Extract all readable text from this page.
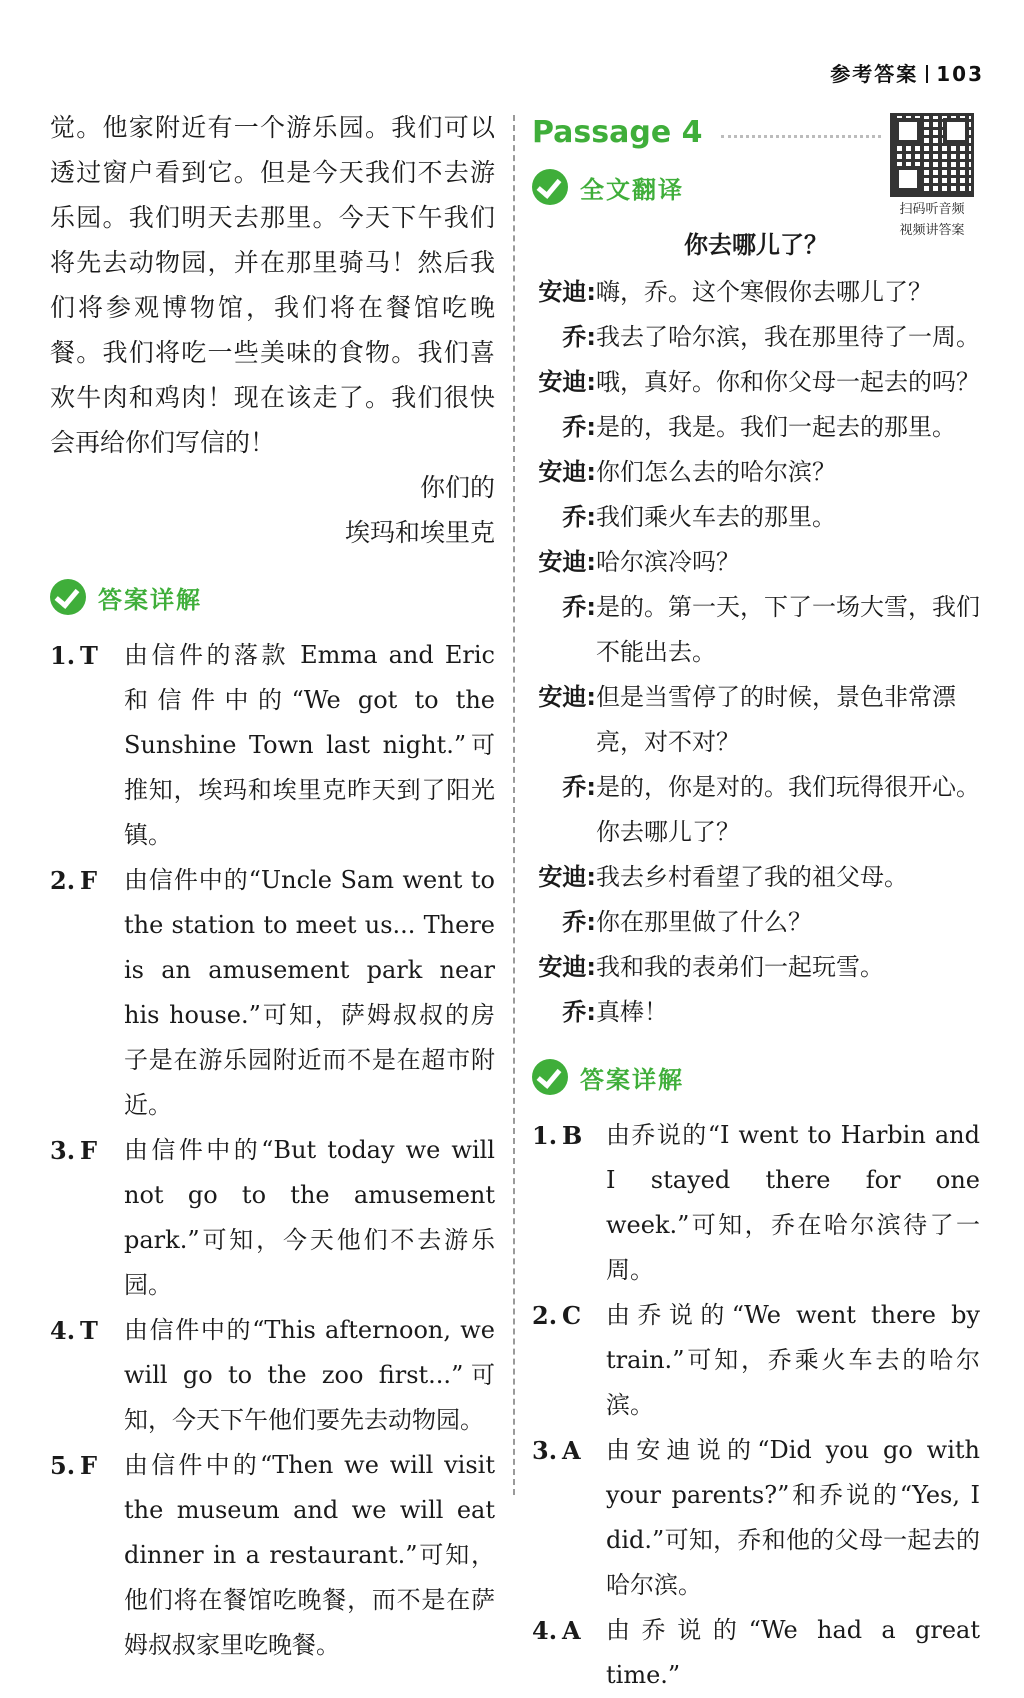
参考答案 103

觉。他家附近有一个游乐园。我们可以透过窗户看到它。但是今天我们不去游乐园。我们明天去那里。今天下午我们将先去动物园，并在那里骑马！然后我们将参观博物馆，我们将在餐馆吃晚餐。我们将吃一些美味的食物。我们喜欢牛肉和鸡肉！现在该走了。我们很快会再给你们写信的！

你们的

埃玛和埃里克

答案详解
1. T	由信件的落款 Emma and Eric 和信件中的“We got to the Sunshine Town last night.”可推知，埃玛和埃里克昨天到了阳光镇。
2. F	由信件中的“Uncle Sam went to the station to meet us... There is an amusement park near his house.”可知，萨姆叔叔的房子是在游乐园附近而不是在超市附近。
3. F	由信件中的“But today we will not go to the amusement park.”可知，今天他们不去游乐园。
4. T	由信件中的“This afternoon, we will go to the zoo first...”可知，今天下午他们要先去动物园。
5. F	由信件中的“Then we will visit the museum and we will eat dinner in a restaurant.”可知，他们将在餐馆吃晚餐，而不是在萨姆叔叔家里吃晚餐。
Passage 4
扫码听音频
视频讲答案
全文翻译
你去哪儿了？
安迪: 嗨，乔。这个寒假你去哪儿了？
乔: 我去了哈尔滨，我在那里待了一周。
安迪: 哦，真好。你和你父母一起去的吗？
乔: 是的，我是。我们一起去的那里。
安迪: 你们怎么去的哈尔滨？
乔: 我们乘火车去的那里。
安迪: 哈尔滨冷吗？
乔: 是的。第一天，下了一场大雪，我们不能出去。
安迪: 但是当雪停了的时候，景色非常漂亮，对不对？
乔: 是的，你是对的。我们玩得很开心。你去哪儿了？
安迪: 我去乡村看望了我的祖父母。
乔: 你在那里做了什么？
安迪: 我和我的表弟们一起玩雪。
乔: 真棒！
答案详解
1. B 由乔说的“I went to Harbin and I stayed there for one week.”可知，乔在哈尔滨待了一周。
2. C	由乔说的“We went there by train.”可知，乔乘火车去的哈尔滨。
3. A	由安迪说的“Did you go with your parents?”和乔说的“Yes, I did.”可知，乔和他的父母一起去的哈尔滨。
4. A	由乔说的“We had a great time.”
